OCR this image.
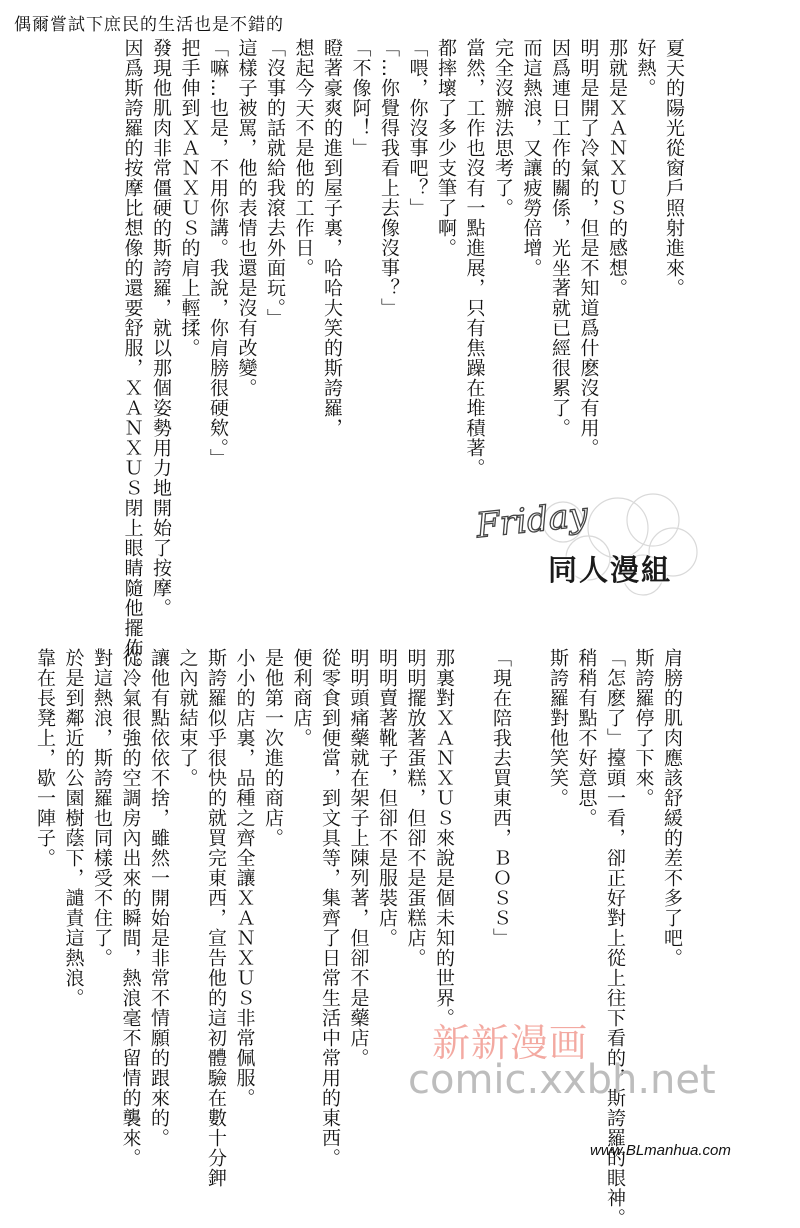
偶爾嘗試下庶民的生活也是不錯的
夏天的陽光從窗戶照射進來。
好熱。
那就是ＸＡＮＸＵＳ的感想。
明明是開了冷氣的，但是不知道爲什麽沒有用。
因爲連日工作的關係，光坐著就已經很累了。
而這熱浪，又讓疲勞倍增。
完全沒辦法思考了。
當然，工作也沒有一點進展，只有焦躁在堆積著。
都摔壞了多少支筆了啊。
「喂，你沒事吧？」
「…你覺得我看上去像沒事？」
「不像阿！」
瞪著豪爽的進到屋子裏，哈哈大笑的斯誇羅，
想起今天不是他的工作日。
「沒事的話就給我滾去外面玩。」
這樣子被罵，他的表情也還是沒有改變。
「嘛…也是，不用你講。我說，你肩膀很硬欸。」
把手伸到ＸＡＮＸＵＳ的肩上輕揉。
發現他肌肉非常僵硬的斯誇羅，就以那個姿勢用力地開始了按摩。
因爲斯誇羅的按摩比想像的還要舒服，ＸＡＮＸＵＳ閉上眼睛隨他擺佈。
肩膀的肌肉應該舒緩的差不多了吧。
斯誇羅停了下來。
「怎麽了」擡頭一看，卻正好對上從上往下看的，斯誇羅的眼神。
稍稍有點不好意思。
斯誇羅對他笑笑。

「現在陪我去買東西，ＢＯＳＳ」

那裏對ＸＡＮＸＵＳ來說是個未知的世界。
明明擺放著蛋糕，但卻不是蛋糕店。
明明賣著靴子，但卻不是服裝店。
明明頭痛藥就在架子上陳列著，但卻不是藥店。
從零食到便當，到文具等，集齊了日常生活中常用的東西。
便利商店。
是他第一次進的商店。
小小的店裏，品種之齊全讓ＸＡＮＸＵＳ非常佩服。
斯誇羅似乎很快的就買完東西，宣告他的這初體驗在數十分鉀
之內就結束了。
讓他有點依依不捨，雖然一開始是非常不情願的跟來的。
從冷氣很強的空調房內出來的瞬間，熱浪毫不留情的襲來。
對這熱浪，斯誇羅也同樣受不住了。
於是到鄰近的公園樹蔭下，譴責這熱浪。
靠在長凳上，歇一陣子。
Friday
同人漫組
新新漫画
comic.xxbh.net
www.BLmanhua.com
